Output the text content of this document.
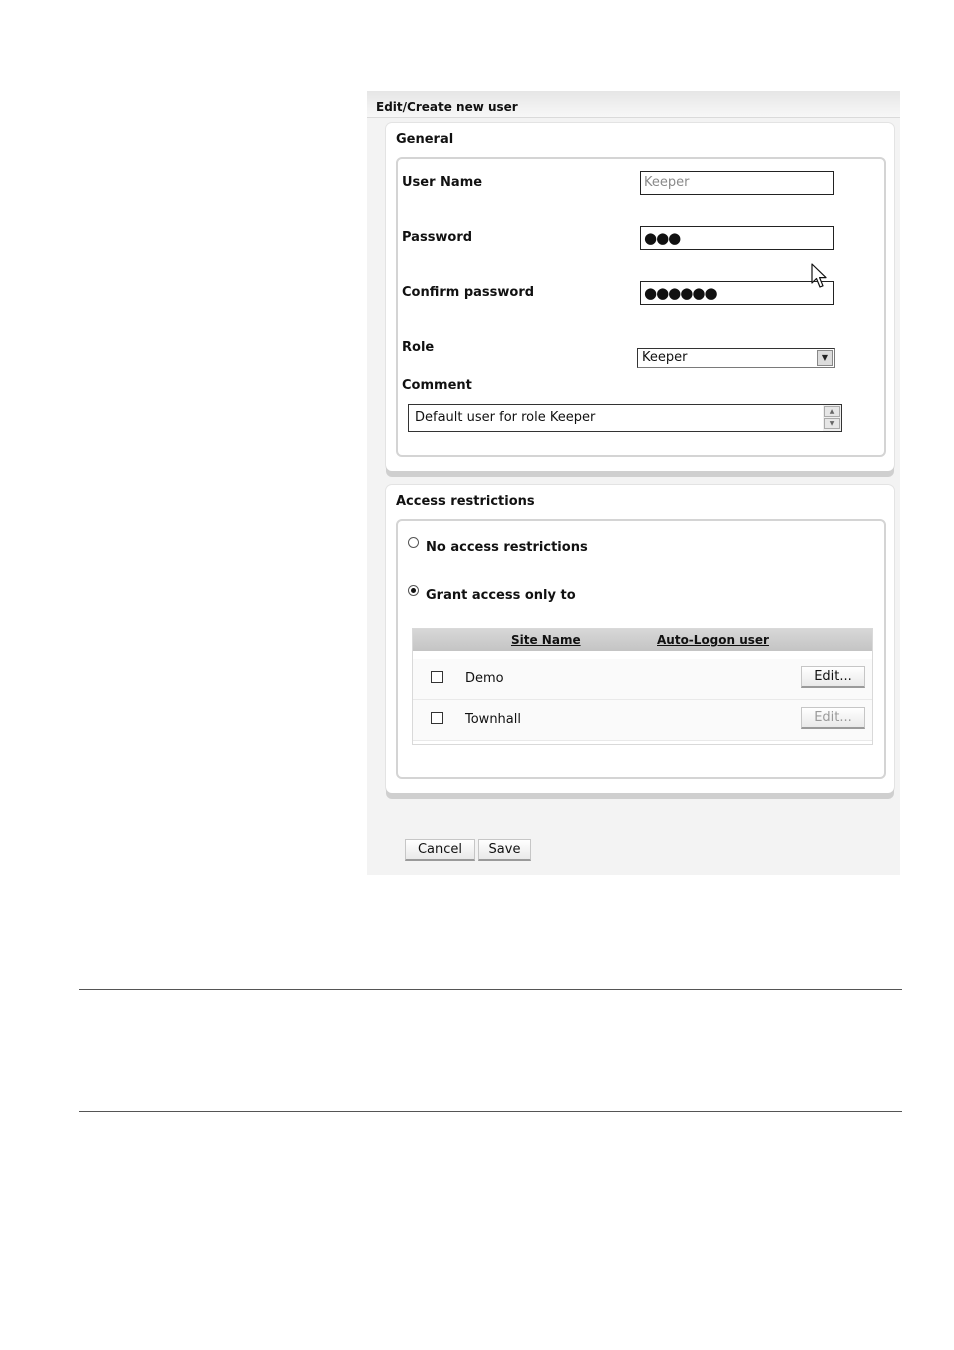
Edit/Create new user
General
User Name	Keeper
Password	●●●
Confirm password	●●●●●●
Role
Keeper	▼
Comment
Default user for role Keeper	▲
▼
Access restrictions
No access restrictions
Grant access only to
Site Name	Auto-Logon user
Demo	Edit...
Townhall	Edit...
Cancel	Save
